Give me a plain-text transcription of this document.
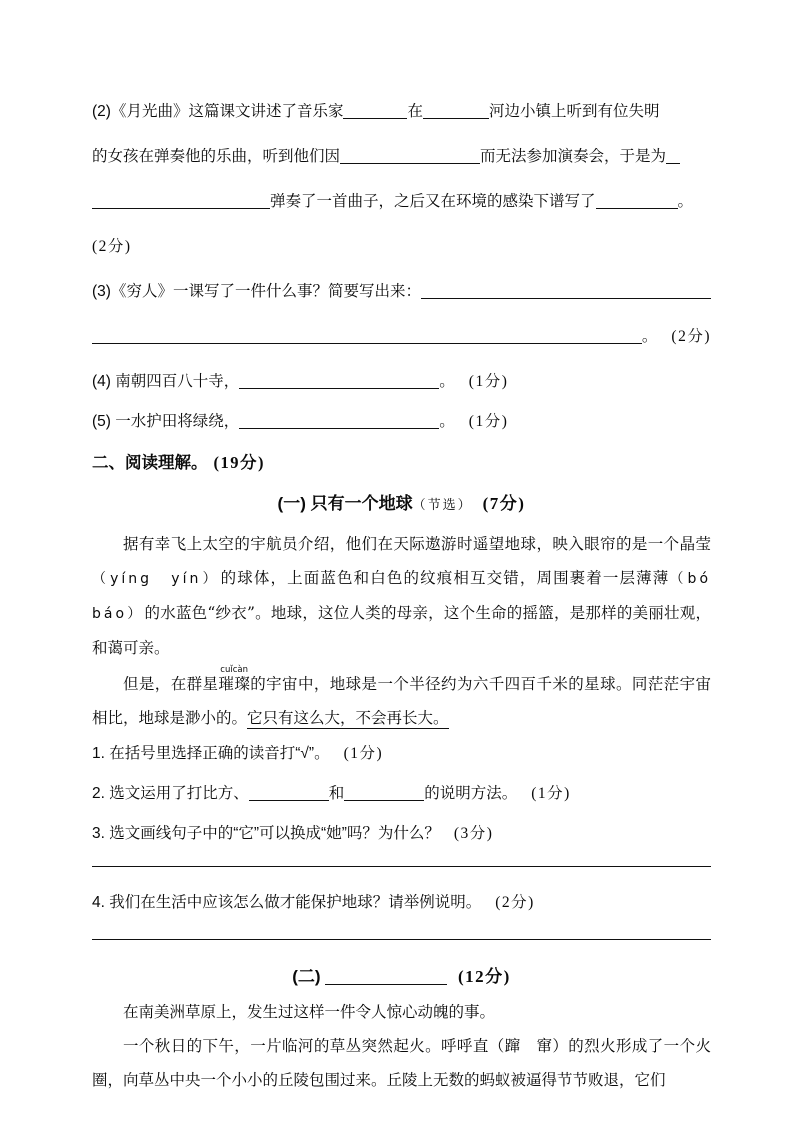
(2)《月光曲》这篇课文讲述了音乐家	在	河边小镇上听到有位失明
的女孩在弹奏他的乐曲，听到他们因	而无法参加演奏会，于是为
弹奏了一首曲子，之后又在环境的感染下谱写了	。
(2分)
(3)《穷人》一课写了一件什么事？简要写出来：
。 (2分)
(4) 南朝四百八十寺，	。 (1分)
(5) 一水护田将绿绕，	。 (1分)
二、阅读理解。 (19分)
(一) 只有一个地球（节选） (7分)

据有幸飞上太空的宇航员介绍，他们在天际遨游时遥望地球，映入眼帘的是一个晶莹（yíng　yín）的球体，上面蓝色和白色的纹痕相互交错，周围裹着一层薄薄（bó　báo）的水蓝色“纱衣”。地球，这位人类的母亲，这个生命的摇篮，是那样的美丽壮观，和蔼可亲。

但是，在群星璀璨cuǐcàn的宇宙中，地球是一个半径约为六千四百千米的星球。同茫茫宇宙相比，地球是渺小的。它只有这么大，不会再长大。

1. 在括号里选择正确的读音打“√”。 (1分)
2. 选文运用了打比方、	和	的说明方法。 (1分)
3. 选文画线句子中的“它”可以换成“她”吗？为什么？ (3分)
4. 我们在生活中应该怎么做才能保护地球？请举例说明。 (2分)
(二)	(12分)

在南美洲草原上，发生过这样一件令人惊心动魄的事。

一个秋日的下午，一片临河的草丛突然起火。呼呼直（蹿　窜）的烈火形成了一个火圈，向草丛中央一个小小的丘陵包围过来。丘陵上无数的蚂蚁被逼得节节败退，它们
